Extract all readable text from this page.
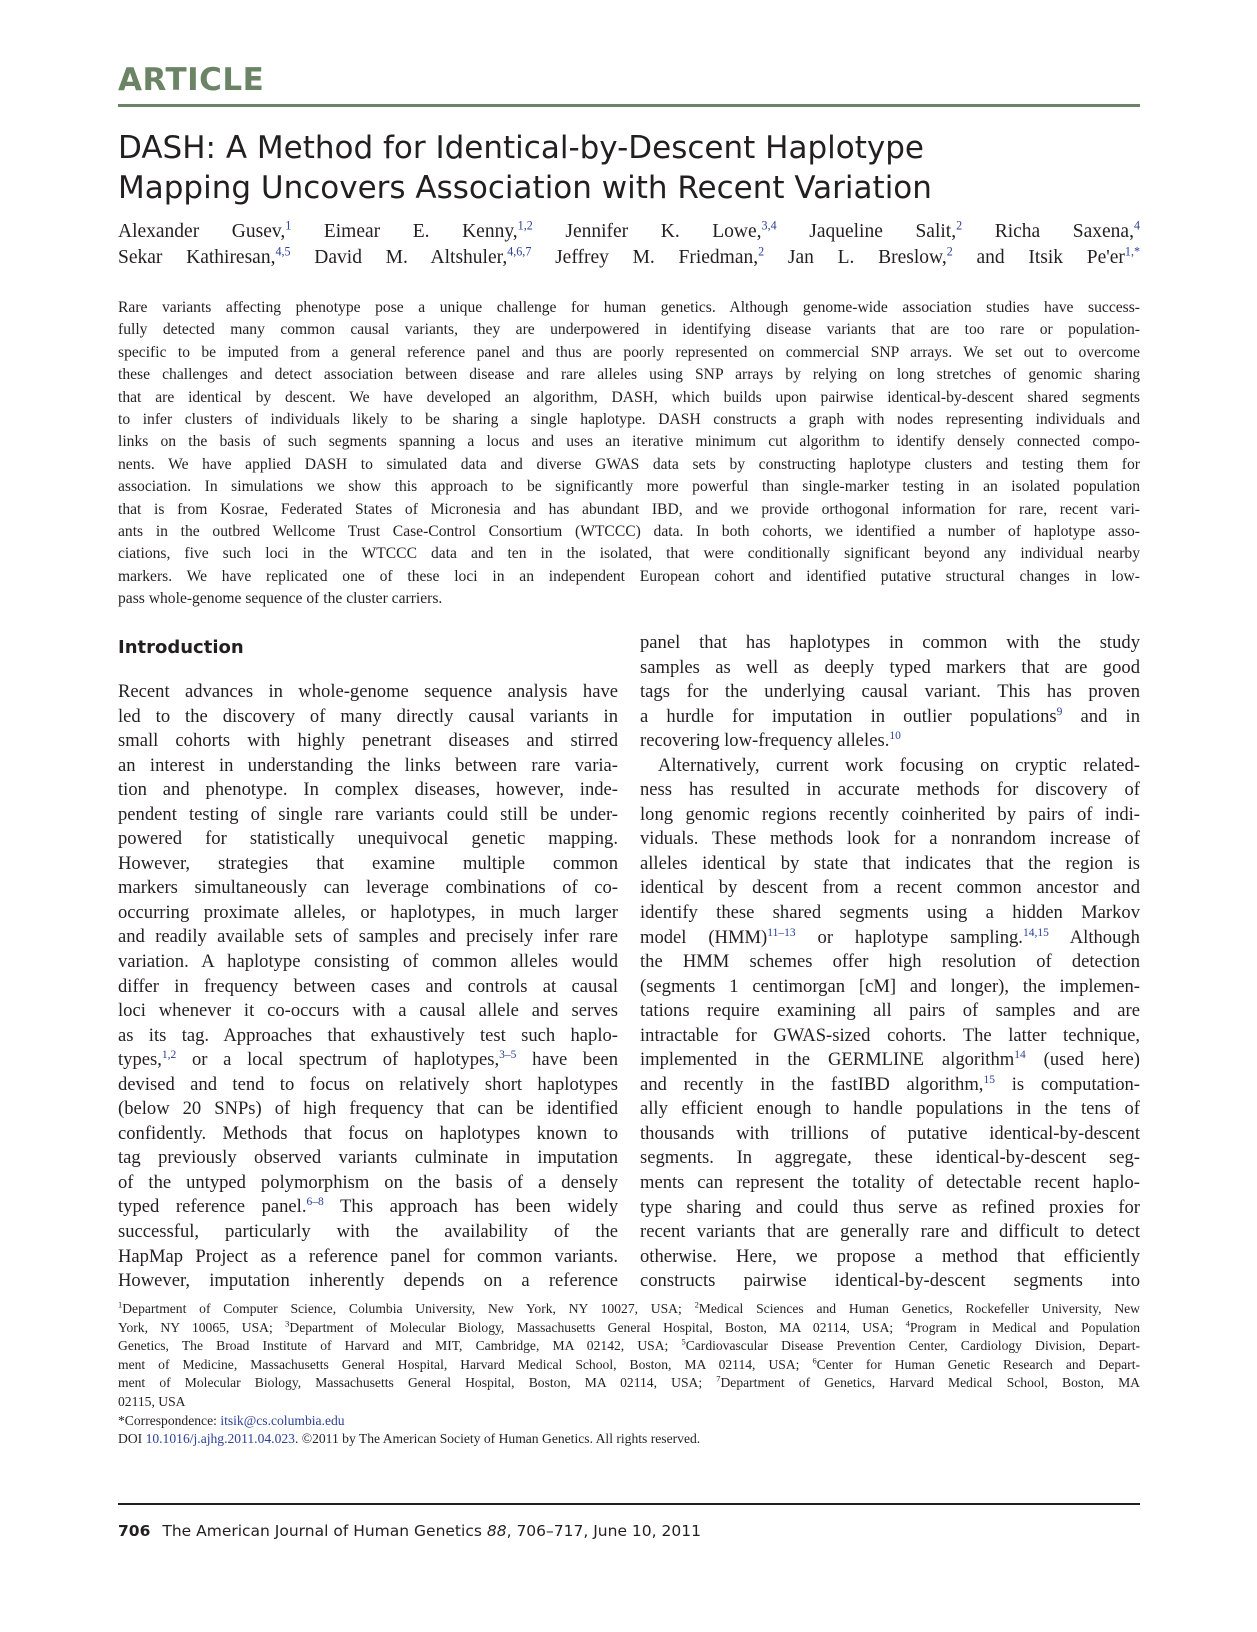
ARTICLE
DASH: A Method for Identical-by-Descent Haplotype
Mapping Uncovers Association with Recent Variation
Alexander Gusev,$^1$ Eimear E. Kenny,$^{1,2}$ Jennifer K. Lowe,$^{3,4}$ Jaqueline Salit,$^2$ Richa Saxena,$^4$
Sekar Kathiresan,$^{4,5}$ David M. Altshuler,$^{4,6,7}$ Jeffrey M. Friedman,$^2$ Jan L. Breslow,$^2$ and Itsik $Pe'er^{1,*}$
Rare variants affecting phenotype pose a unique challenge for human genetics. Although genome-wide association studies have success-
fully detected many common causal variants, they are underpowered in identifying disease variants that are too rare or population-
specific to be imputed from a general reference panel and thus are poorly represented on commercial SNP arrays. We set out to overcome
these challenges and detect association between disease and rare alleles using SNP arrays by relying on long stretches of genomic sharing
that are identical by descent. We have developed an algorithm, DASH, which builds upon pairwise identical-by-descent shared segments
to infer clusters of individuals likely to be sharing a single haplotype. DASH constructs a graph with nodes representing individuals and
links on the basis of such segments spanning a locus and uses an iterative minimum cut algorithm to identify densely connected compo-
nents. We have applied DASH to simulated data and diverse GWAS data sets by constructing haplotype clusters and testing them for
association. In simulations we show this approach to be significantly more powerful than single-marker testing in an isolated population
that is from Kosrae, Federated States of Micronesia and has abundant IBD, and we provide orthogonal information for rare, recent vari-
ants in the outbred Wellcome Trust Case-Control Consortium (WTCCC) data. In both cohorts, we identified a number of haplotype asso-
ciations, five such loci in the WTCCC data and ten in the isolated, that were conditionally significant beyond any individual nearby
markers. We have replicated one of these loci in an independent European cohort and identified putative structural changes in low-
pass whole-genome sequence of the cluster carriers.
Introduction
Recent advances in whole-genome sequence analysis have
led to the discovery of many directly causal variants in
small cohorts with highly penetrant diseases and stirred
an interest in understanding the links between rare varia-
tion and phenotype. In complex diseases, however, inde-
pendent testing of single rare variants could still be under-
powered for statistically unequivocal genetic mapping.
However, strategies that examine multiple common
markers simultaneously can leverage combinations of co-
occurring proximate alleles, or haplotypes, in much larger
and readily available sets of samples and precisely infer rare
variation. A haplotype consisting of common alleles would
differ in frequency between cases and controls at causal
loci whenever it co-occurs with a causal allele and serves
as its tag. Approaches that exhaustively test such haplo-
types,$^{1,2}$ or a local spectrum of haplotypes,$^{3-5}$ have been
devised and tend to focus on relatively short haplotypes
(below 20 SNPs) of high frequency that can be identified
confidently. Methods that focus on haplotypes known to
tag previously observed variants culminate in imputation
of the untyped polymorphism on the basis of a densely
typed reference panel.$^{6-8}$ This approach has been widely
successful, particularly with the availability of the
HapMap Project as a reference panel for common variants.
However, imputation inherently depends on a reference
panel that has haplotypes in common with the study
samples as well as deeply typed markers that are good
tags for the underlying causal variant. This has proven
a hurdle for imputation in outlier populations$^9$ and in
recovering low-frequency alleles.$^{10}$
Alternatively, current work focusing on cryptic related-
ness has resulted in accurate methods for discovery of
long genomic regions recently coinherited by pairs of indi-
viduals. These methods look for a nonrandom increase of
alleles identical by state that indicates that the region is
identical by descent from a recent common ancestor and
identify these shared segments using a hidden Markov
model (HMM)$^{11-13}$ or haplotype sampling.$^{14,15}$ Although
the HMM schemes offer high resolution of detection
(segments 1 centimorgan [cM] and longer), the implemen-
tations require examining all pairs of samples and are
intractable for GWAS-sized cohorts. The latter technique,
implemented in the GERMLINE algorithm$^{14}$ (used here)
and recently in the fastIBD algorithm,$^{15}$ is computation-
ally efficient enough to handle populations in the tens of
thousands with trillions of putative identical-by-descent
segments. In aggregate, these identical-by-descent seg-
ments can represent the totality of detectable recent haplo-
type sharing and could thus serve as refined proxies for
recent variants that are generally rare and difficult to detect
otherwise. Here, we propose a method that efficiently
constructs pairwise identical-by-descent segments into
$^1$Department of Computer Science, Columbia University, New York, NY 10027, USA; $^2$Medical Sciences and Human Genetics, Rockefeller University, New
York, NY 10065, USA; $^3$Department of Molecular Biology, Massachusetts General Hospital, Boston, MA 02114, USA; $^4$Program in Medical and Population
Genetics, The Broad Institute of Harvard and MIT, Cambridge, MA 02142, USA; $^5$Cardiovascular Disease Prevention Center, Cardiology Division, Depart-
ment of Medicine, Massachusetts General Hospital, Harvard Medical School, Boston, MA 02114, USA; $^6$Center for Human Genetic Research and Depart-
ment of Molecular Biology, Massachusetts General Hospital, Boston, MA 02114, USA; $^7$Department of Genetics, Harvard Medical School, Boston, MA
02115, USA
*Correspondence: itsik@cs.columbia.edu
DOI 10.1016/j.ajhg.2011.04.023. ©2011 by The American Society of Human Genetics. All rights reserved.
706 The American Journal of Human Genetics 88, 706–717, June 10, 2011
